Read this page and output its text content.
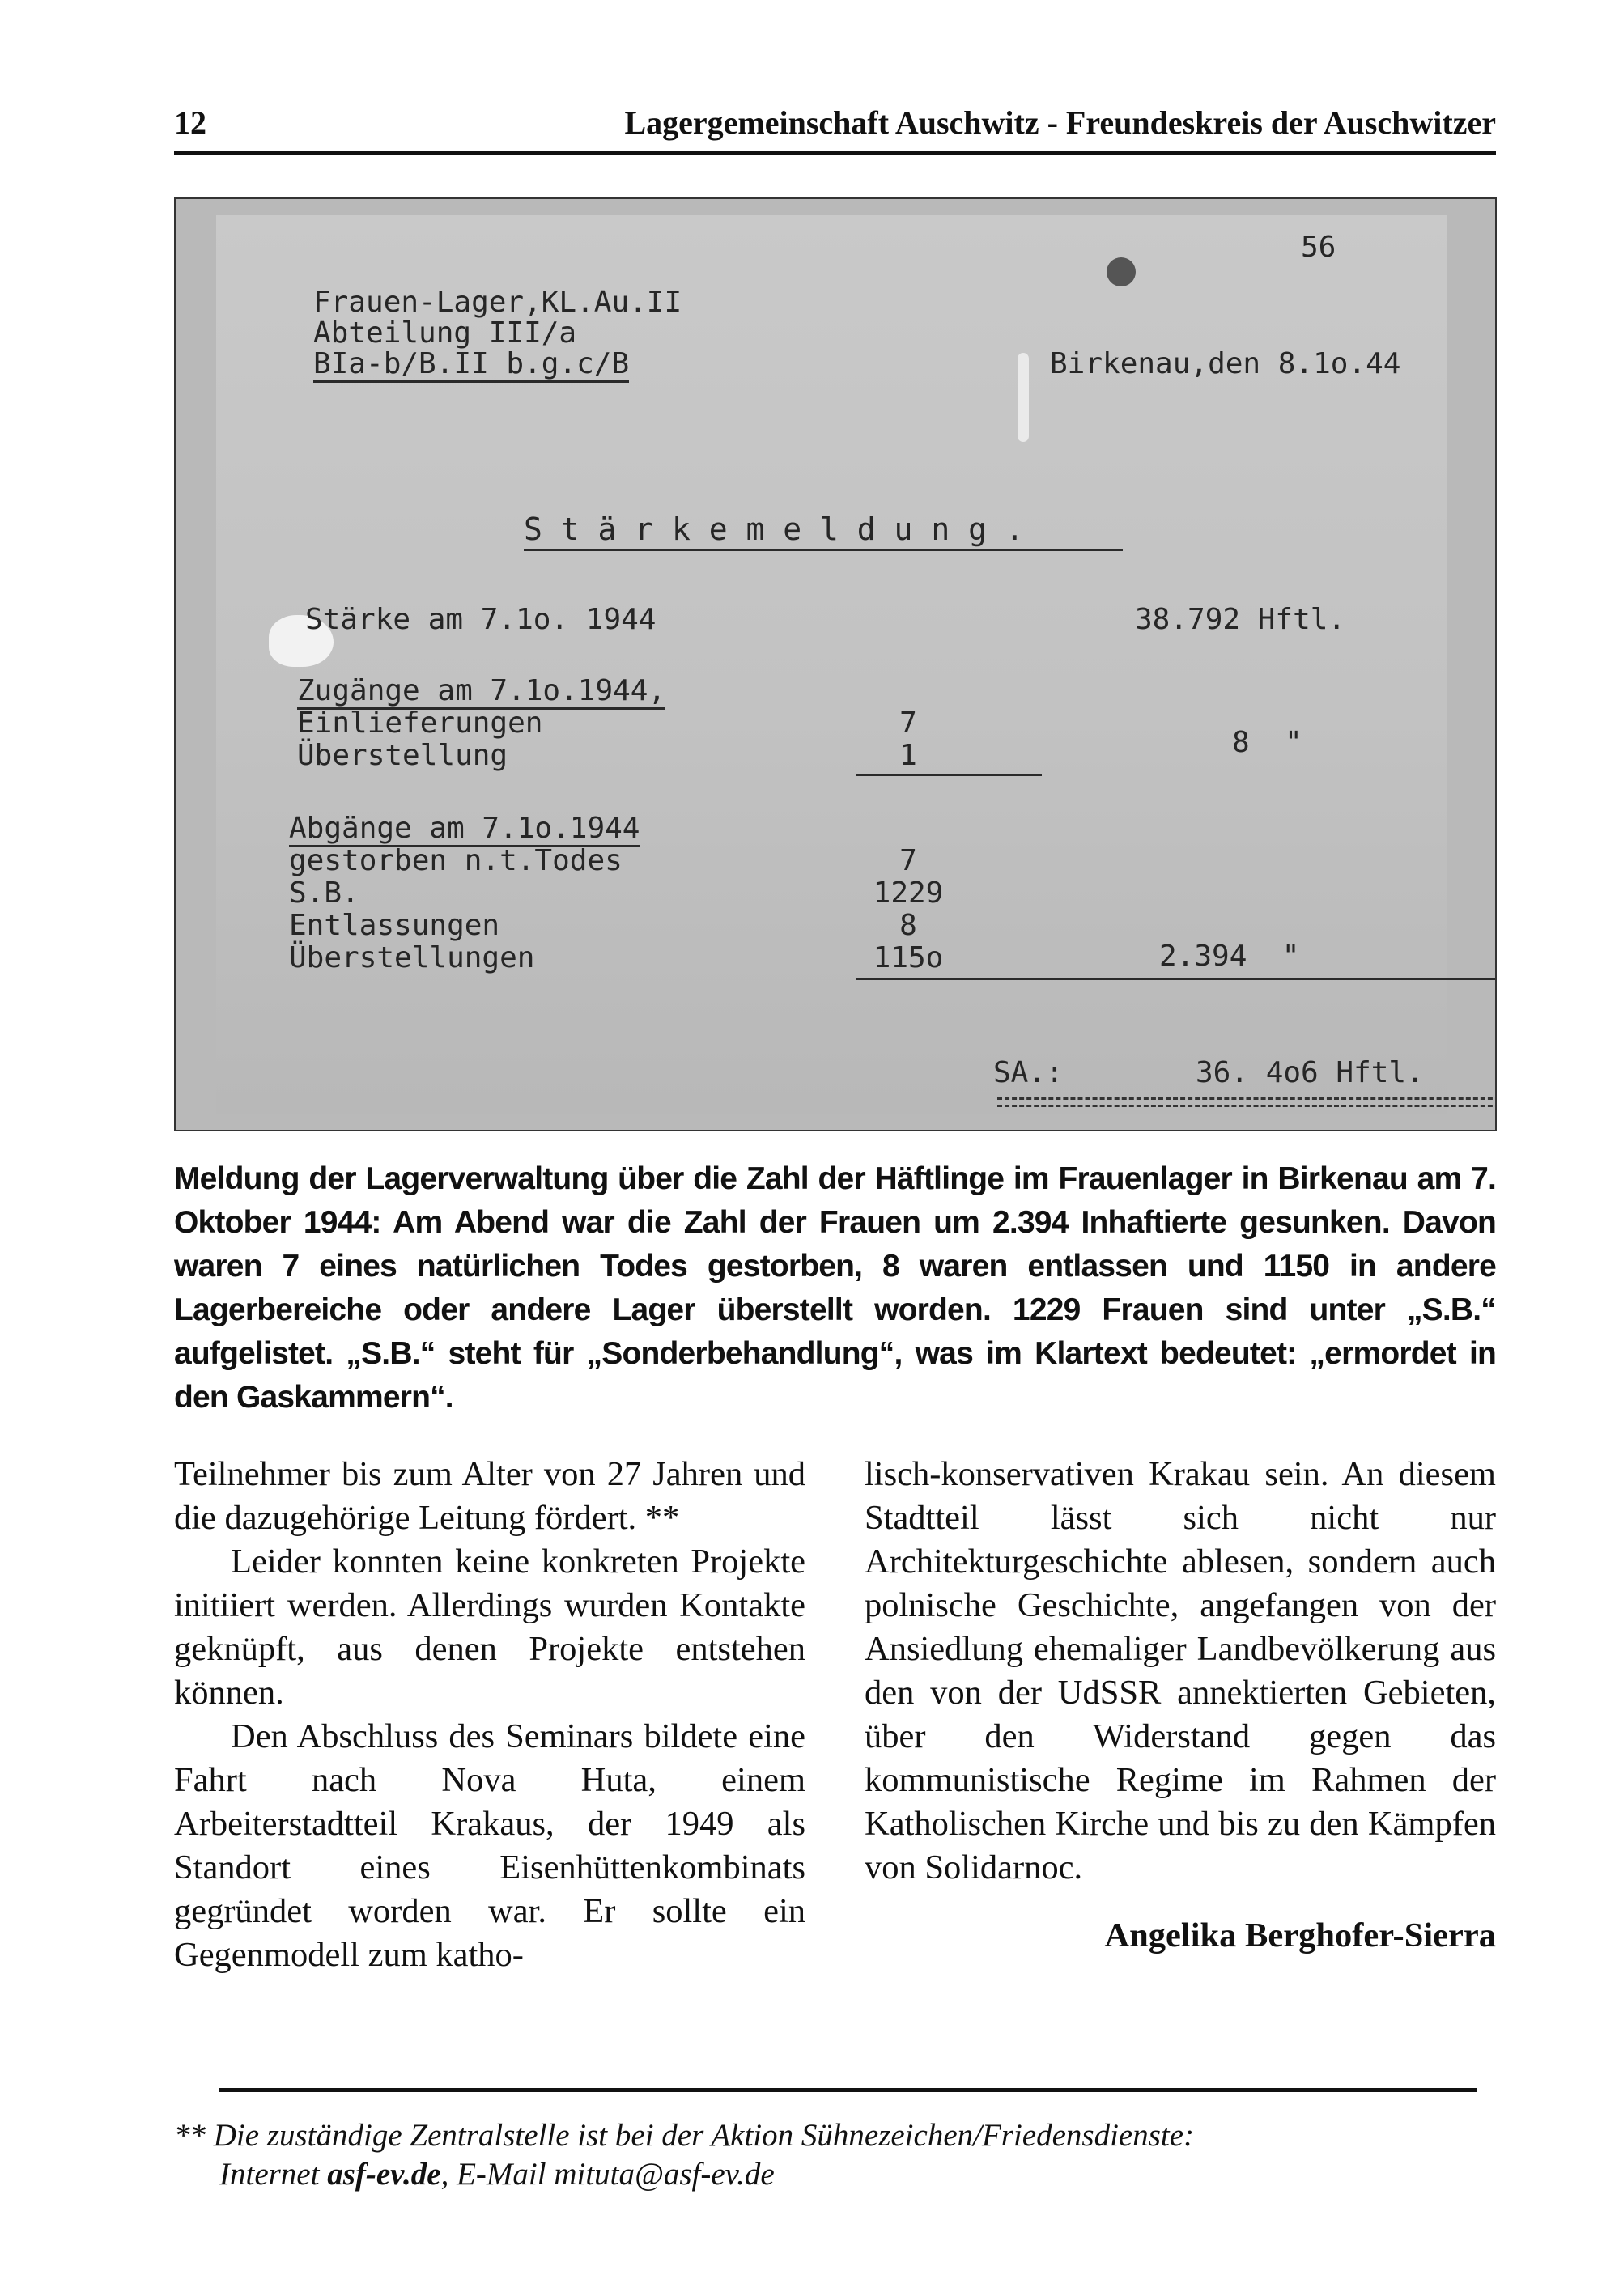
12	Lagergemeinschaft Auschwitz - Freundeskreis der Auschwitzer
56
Frauen-Lager,KL.Au.II
Abteilung III/a
BIa-b/B.II b.g.c/B	Birkenau,den 8.1o.44
S t ä r k e m e l d u n g .
Stärke am 7.1o. 1944	38.792 Hftl.
Zugänge am 7.1o.1944,
Einlieferungen	7
Überstellung	1	8  "
Abgänge am 7.1o.1944
gestorben n.t.Todes	7
S.B.	1229
Entlassungen	8
Überstellungen	115o	2.394  "
SA.:	36. 4o6 Hftl.
Meldung der Lagerverwaltung über die Zahl der Häftlinge im Frauenlager in Birkenau am 7. Oktober 1944: Am Abend war die Zahl der Frauen um 2.394 Inhaftierte gesunken. Davon waren 7 eines natürlichen Todes gestorben, 8 waren entlassen und 1150 in andere Lagerbereiche oder andere Lager überstellt worden. 1229 Frauen sind unter „S.B.“ aufgelistet. „S.B.“ steht für „Sonderbehandlung“, was im Klartext bedeutet: „ermordet in den Gaskammern“.

Teilnehmer bis zum Alter von 27 Jahren und die dazugehörige Leitung fördert. **

Leider konnten keine konkreten Projekte initiiert werden. Allerdings wurden Kontakte geknüpft, aus denen Projekte entstehen können.

Den Abschluss des Seminars bildete eine Fahrt nach Nova Huta, einem Arbeiterstadtteil Krakaus, der 1949 als Standort eines Eisenhüttenkombinats gegründet worden war. Er sollte ein Gegenmodell zum katho-

lisch-konservativen Krakau sein. An diesem Stadtteil lässt sich nicht nur Architekturgeschichte ablesen, sondern auch polnische Geschichte, angefangen von der Ansiedlung ehemaliger Landbevölkerung aus den von der UdSSR annektierten Gebieten, über den Widerstand gegen das kommunistische Regime im Rahmen der Katholischen Kirche und bis zu den Kämpfen von Solidarnoc.

Angelika Berghofer-Sierra

** Die zuständige Zentralstelle ist bei der Aktion Sühnezeichen/Friedensdienste:
Internet asf-ev.de, E-Mail mituta@asf-ev.de
